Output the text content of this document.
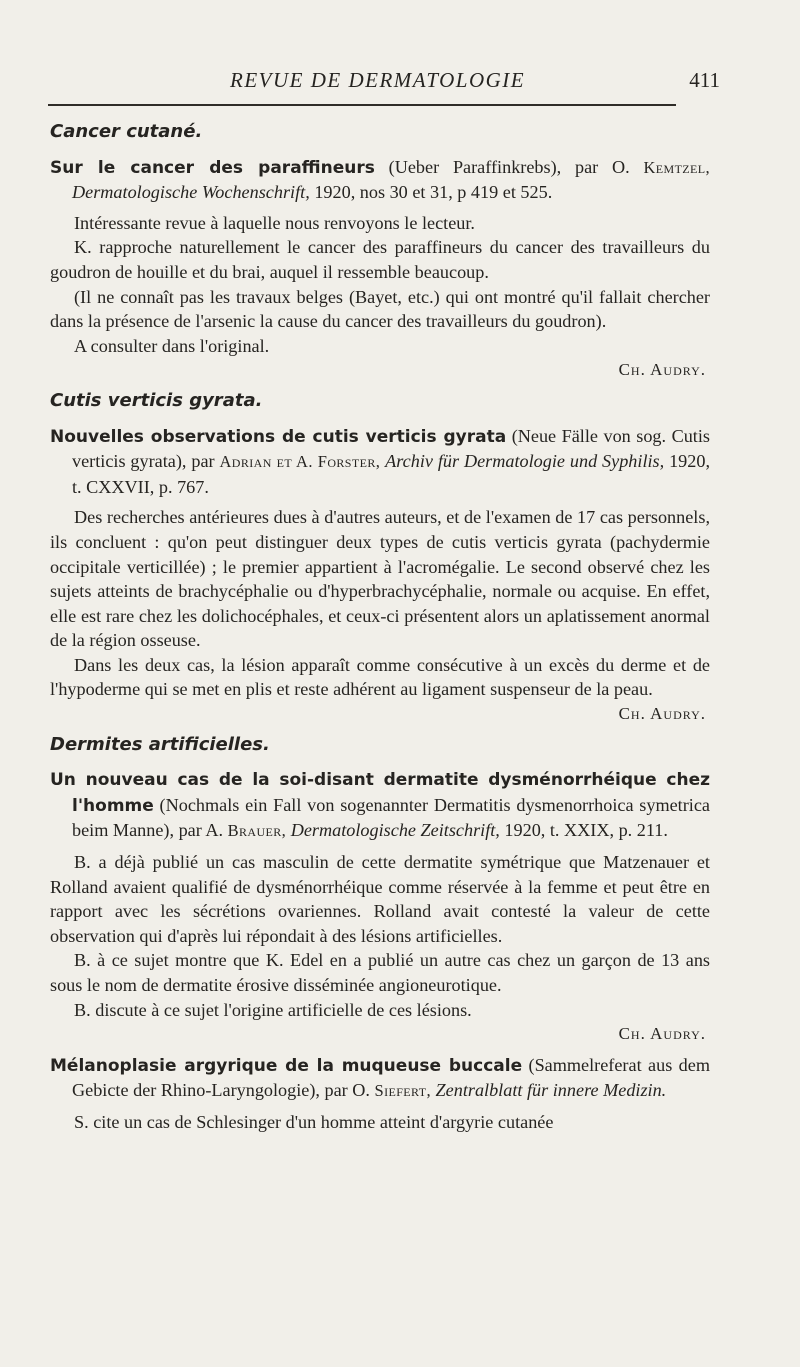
REVUE DE DERMATOLOGIE	411
Cancer cutané.

Sur le cancer des paraffineurs (Ueber Paraffinkrebs), par O. Kemtzel, Dermatologische Wochenschrift, 1920, nos 30 et 31, p 419 et 525.

Intéressante revue à laquelle nous renvoyons le lecteur.

K. rapproche naturellement le cancer des paraffineurs du cancer des travailleurs du goudron de houille et du brai, auquel il ressemble beaucoup.

(Il ne connaît pas les travaux belges (Bayet, etc.) qui ont montré qu'il fallait chercher dans la présence de l'arsenic la cause du cancer des travailleurs du goudron).

A consulter dans l'original.

Ch. Audry.

Cutis verticis gyrata.

Nouvelles observations de cutis verticis gyrata (Neue Fälle von sog. Cutis verticis gyrata), par Adrian et A. Forster, Archiv für Dermatologie und Syphilis, 1920, t. CXXVII, p. 767.

Des recherches antérieures dues à d'autres auteurs, et de l'examen de 17 cas personnels, ils concluent : qu'on peut distinguer deux types de cutis verticis gyrata (pachydermie occipitale verticillée) ; le premier appartient à l'acromégalie. Le second observé chez les sujets atteints de brachycéphalie ou d'hyperbrachycéphalie, normale ou acquise. En effet, elle est rare chez les dolichocéphales, et ceux-ci présentent alors un aplatissement anormal de la région osseuse.

Dans les deux cas, la lésion apparaît comme consécutive à un excès du derme et de l'hypoderme qui se met en plis et reste adhérent au ligament suspenseur de la peau.

Ch. Audry.

Dermites artificielles.

Un nouveau cas de la soi-disant dermatite dysménorrhéique chez l'homme (Nochmals ein Fall von sogenannter Dermatitis dysmenorrhoica symetrica beim Manne), par A. Brauer, Dermatologische Zeitschrift, 1920, t. XXIX, p. 211.

B. a déjà publié un cas masculin de cette dermatite symétrique que Matzenauer et Rolland avaient qualifié de dysménorrhéique comme réservée à la femme et peut être en rapport avec les sécrétions ovariennes. Rolland avait contesté la valeur de cette observation qui d'après lui répondait à des lésions artificielles.

B. à ce sujet montre que K. Edel en a publié un autre cas chez un garçon de 13 ans sous le nom de dermatite érosive disséminée angioneurotique.

B. discute à ce sujet l'origine artificielle de ces lésions.

Ch. Audry.

Mélanoplasie argyrique de la muqueuse buccale (Sammelreferat aus dem Gebicte der Rhino-Laryngologie), par O. Siefert, Zentralblatt für innere Medizin.

S. cite un cas de Schlesinger d'un homme atteint d'argyrie cutanée
